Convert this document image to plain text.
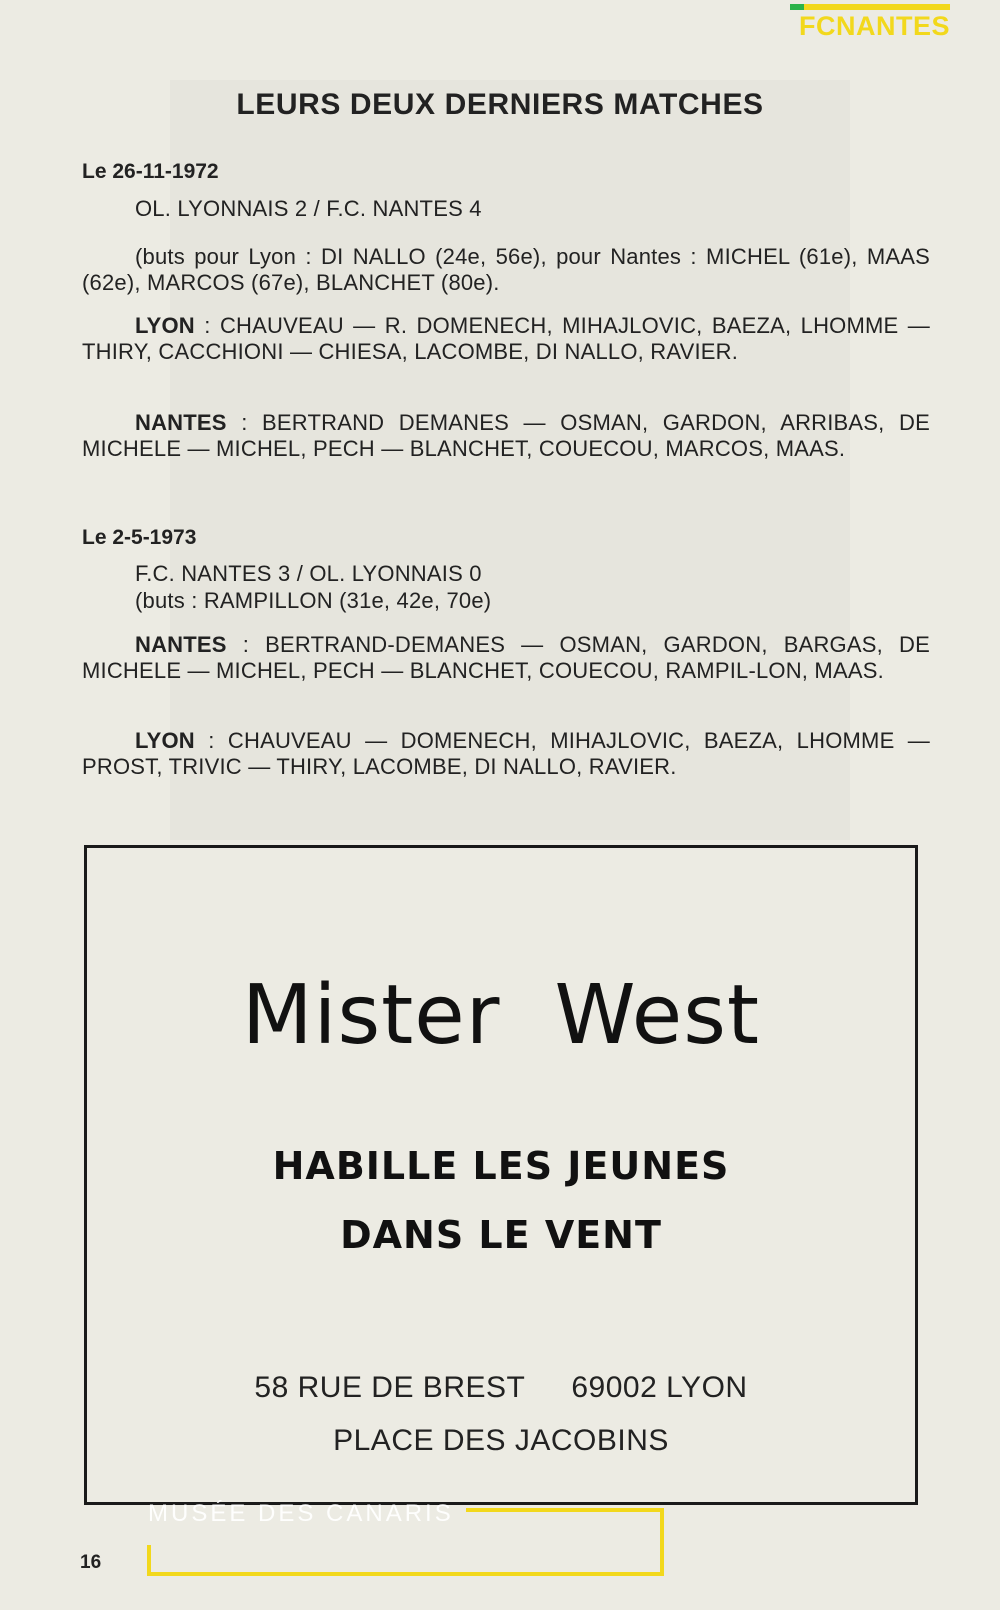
FCNANTES
LEURS DEUX DERNIERS MATCHES
Le 26-11-1972
OL. LYONNAIS 2 / F.C. NANTES 4
(buts pour Lyon : DI NALLO (24e, 56e), pour Nantes : MICHEL (61e), MAAS (62e), MARCOS (67e), BLANCHET (80e).
LYON : CHAUVEAU — R. DOMENECH, MIHAJLOVIC, BAEZA, LHOMME — THIRY, CACCHIONI — CHIESA, LACOMBE, DI NALLO, RAVIER.
NANTES : BERTRAND DEMANES — OSMAN, GARDON, ARRIBAS, DE MICHELE — MICHEL, PECH — BLANCHET, COUECOU, MARCOS, MAAS.
Le 2-5-1973
F.C. NANTES 3 / OL. LYONNAIS 0
(buts : RAMPILLON (31e, 42e, 70e)
NANTES : BERTRAND-DEMANES — OSMAN, GARDON, BARGAS, DE MICHELE — MICHEL, PECH — BLANCHET, COUECOU, RAMPIL-LON, MAAS.
LYON : CHAUVEAU — DOMENECH, MIHAJLOVIC, BAEZA, LHOMME — PROST, TRIVIC — THIRY, LACOMBE, DI NALLO, RAVIER.
Mister West
HABILLE LES JEUNES
DANS LE VENT
58 RUE DE BREST 69002 LYON
PLACE DES JACOBINS
MUSÉE DES CANARIS
16
